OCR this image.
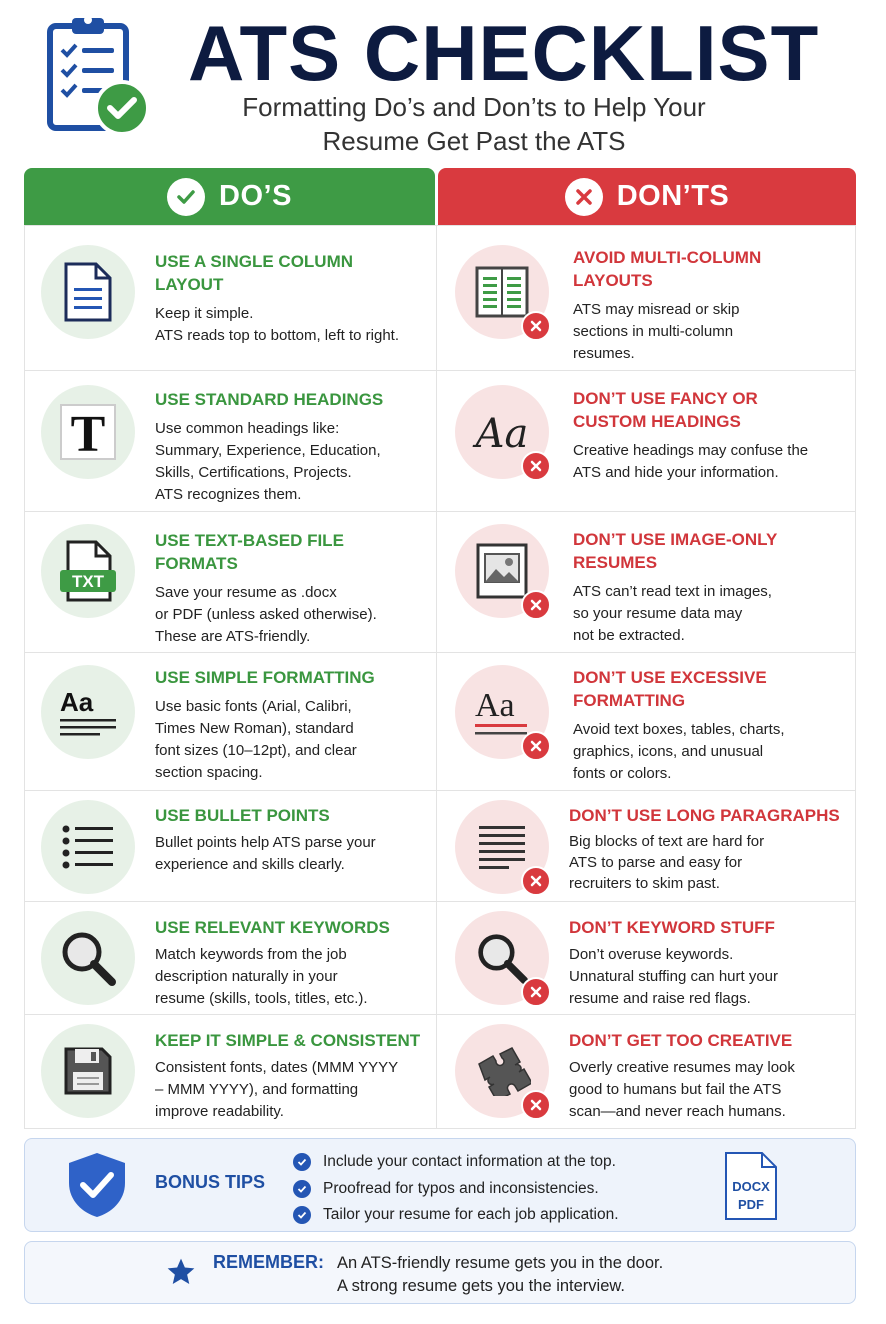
ATS CHECKLIST
Formatting Do’s and Don’ts to Help Your Resume Get Past the ATS
DO’S	DON’TS
USE A SINGLE COLUMN LAYOUT
Keep it simple.
ATS reads top to bottom, left to right.
AVOID MULTI-COLUMN LAYOUTS
ATS may misread or skip sections in multi-column resumes.
T
USE STANDARD HEADINGS
Use common headings like:
Summary, Experience, Education,
Skills, Certifications, Projects.
ATS recognizes them.
Aa
DON’T USE FANCY OR CUSTOM HEADINGS
Creative headings may confuse the ATS and hide your information.
TXT
USE TEXT-BASED FILE FORMATS
Save your resume as .docx
or PDF (unless asked otherwise).
These are ATS-friendly.
DON’T USE IMAGE-ONLY RESUMES
ATS can’t read text in images,
so your resume data may
not be extracted.
Aa
USE SIMPLE FORMATTING
Use basic fonts (Arial, Calibri,
Times New Roman), standard
font sizes (10–12pt), and clear
section spacing.
Aa
DON’T USE EXCESSIVE FORMATTING
Avoid text boxes, tables, charts,
graphics, icons, and unusual
fonts or colors.
USE BULLET POINTS
Bullet points help ATS parse your
experience and skills clearly.
DON’T USE LONG PARAGRAPHS
Big blocks of text are hard for
ATS to parse and easy for
recruiters to skim past.
USE RELEVANT KEYWORDS
Match keywords from the job
description naturally in your
resume (skills, tools, titles, etc.).
DON’T KEYWORD STUFF
Don’t overuse keywords.
Unnatural stuffing can hurt your
resume and raise red flags.
KEEP IT SIMPLE & CONSISTENT
Consistent fonts, dates (MMM YYYY
– MMM YYYY), and formatting
improve readability.
DON’T GET TOO CREATIVE
Overly creative resumes may look
good to humans but fail the ATS
scan—and never reach humans.
BONUS TIPS
Include your contact information at the top.
Proofread for typos and inconsistencies.
Tailor your resume for each job application.
DOCX
PDF
REMEMBER: An ATS-friendly resume gets you in the door.
A strong resume gets you the interview.
